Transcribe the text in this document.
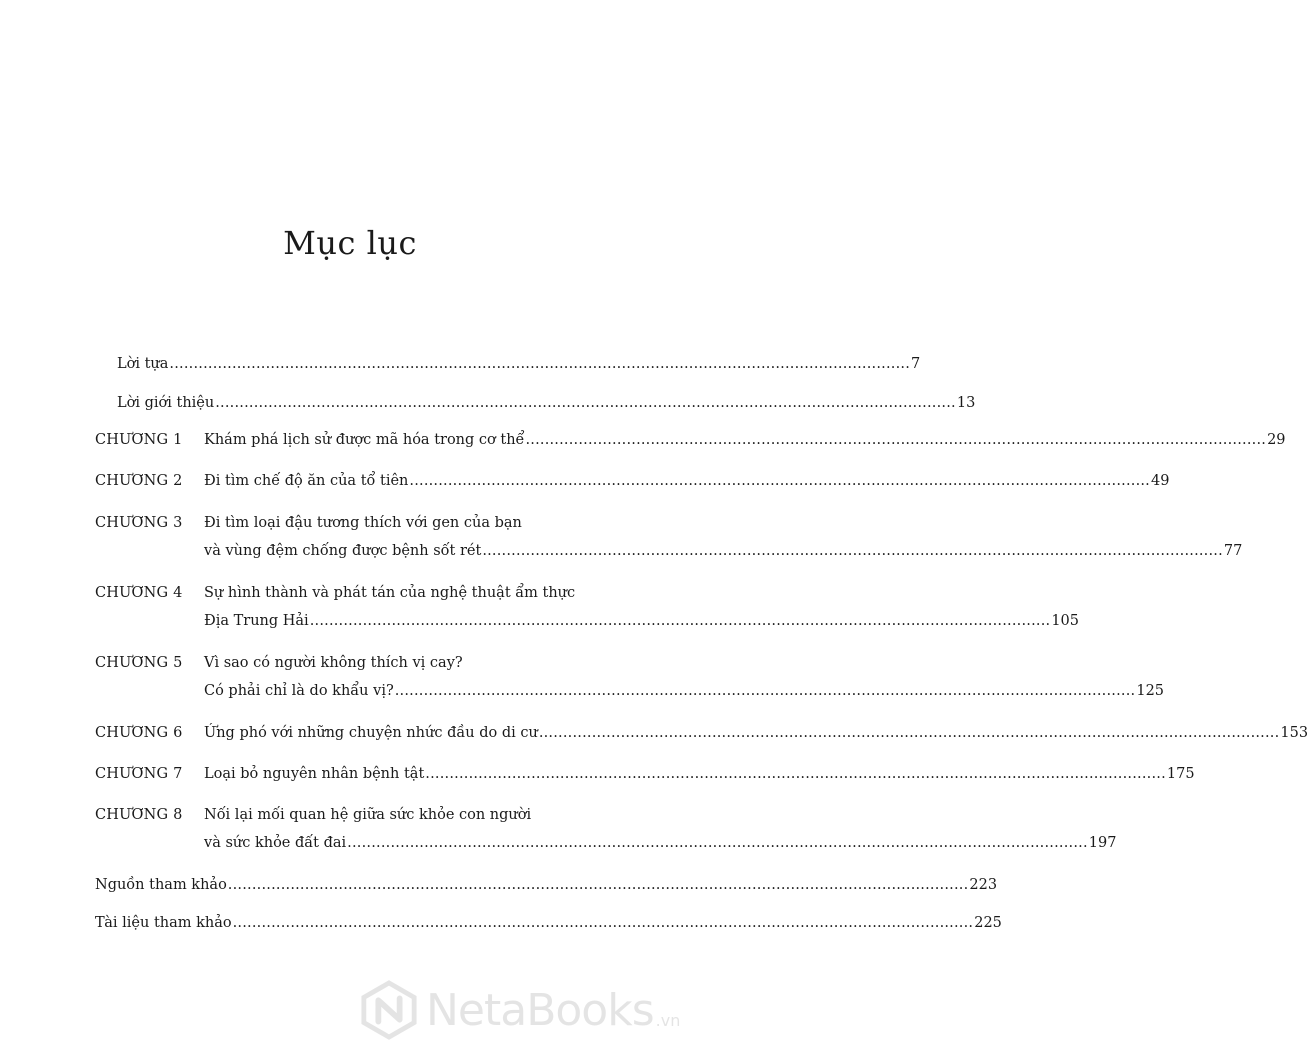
Mục lục
Lời tựa .......................................................................................................................................................... 7
Lời giới thiệu .......................................................................................................................................................... 13
CHƯƠNG 1 Khám phá lịch sử được mã hóa trong cơ thể .......................................................................................................................................................... 29
CHƯƠNG 2 Đi tìm chế độ ăn của tổ tiên .......................................................................................................................................................... 49
CHƯƠNG 3 Đi tìm loại đậu tương thích với gen của bạn
và vùng đệm chống được bệnh sốt rét .......................................................................................................................................................... 77
CHƯƠNG 4 Sự hình thành và phát tán của nghệ thuật ẩm thực
Địa Trung Hải .......................................................................................................................................................... 105
CHƯƠNG 5 Vì sao có người không thích vị cay?
Có phải chỉ là do khẩu vị? .......................................................................................................................................................... 125
CHƯƠNG 6 Ứng phó với những chuyện nhức đầu do di cư .......................................................................................................................................................... 153
CHƯƠNG 7 Loại bỏ nguyên nhân bệnh tật .......................................................................................................................................................... 175
CHƯƠNG 8 Nối lại mối quan hệ giữa sức khỏe con người
và sức khỏe đất đai .......................................................................................................................................................... 197
Nguồn tham khảo .......................................................................................................................................................... 223
Tài liệu tham khảo .......................................................................................................................................................... 225
NetaBooks .vn
